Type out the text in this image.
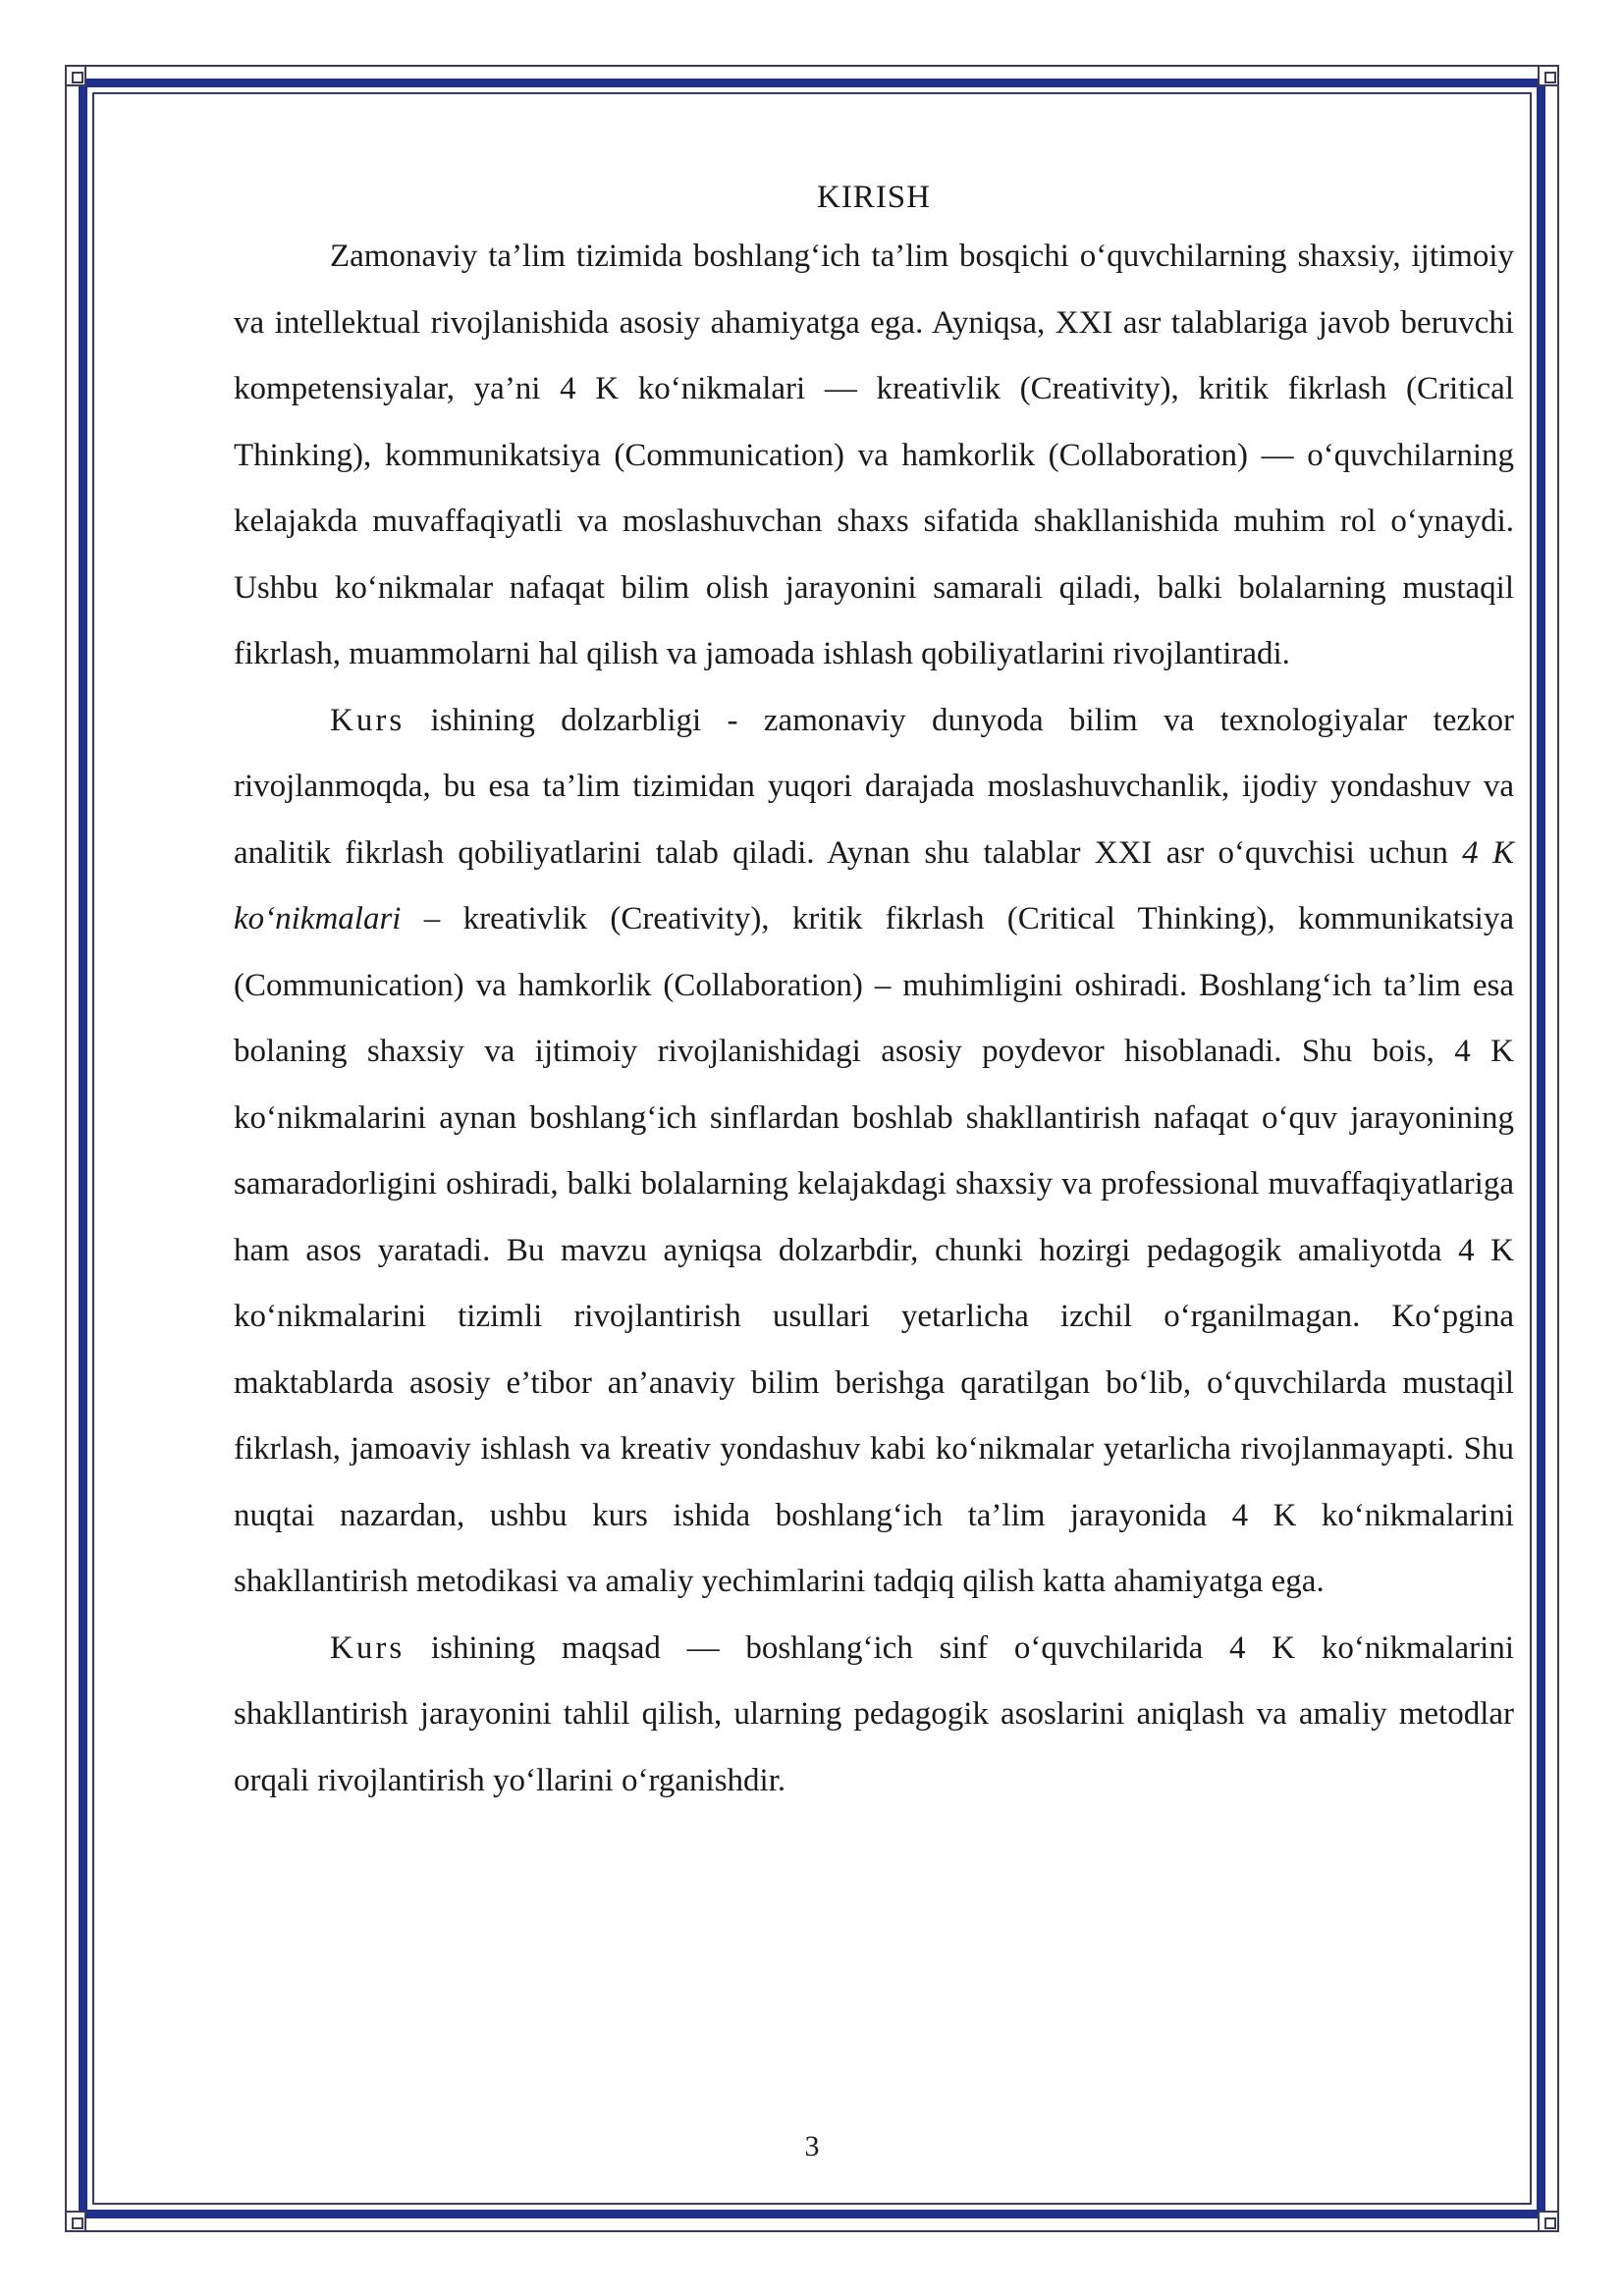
KIRISH

Zamonaviy ta’lim tizimida boshlang‘ich ta’lim bosqichi o‘quvchilarning shaxsiy, ijtimoiy va intellektual rivojlanishida asosiy ahamiyatga ega. Ayniqsa, XXI asr talablariga javob beruvchi kompetensiyalar, ya’ni 4 K ko‘nikmalari — kreativlik (Creativity), kritik fikrlash (Critical Thinking), kommunikatsiya (Communication) va hamkorlik (Collaboration) — o‘quvchilarning kelajakda muvaffaqiyatli va moslashuvchan shaxs sifatida shakllanishida muhim rol o‘ynaydi. Ushbu ko‘nikmalar nafaqat bilim olish jarayonini samarali qiladi, balki bolalarning mustaqil fikrlash, muammolarni hal qilish va jamoada ishlash qobiliyatlarini rivojlantiradi.

Kurs ishining dolzarbligi - zamonaviy dunyoda bilim va texnologiyalar tezkor rivojlanmoqda, bu esa ta’lim tizimidan yuqori darajada moslashuvchanlik, ijodiy yondashuv va analitik fikrlash qobiliyatlarini talab qiladi. Aynan shu talablar XXI asr o‘quvchisi uchun 4 K ko‘nikmalari – kreativlik (Creativity), kritik fikrlash (Critical Thinking), kommunikatsiya (Communication) va hamkorlik (Collaboration) – muhimligini oshiradi. Boshlang‘ich ta’lim esa bolaning shaxsiy va ijtimoiy rivojlanishidagi asosiy poydevor hisoblanadi. Shu bois, 4 K ko‘nikmalarini aynan boshlang‘ich sinflardan boshlab shakllantirish nafaqat o‘quv jarayonining samaradorligini oshiradi, balki bolalarning kelajakdagi shaxsiy va professional muvaffaqiyatlariga ham asos yaratadi. Bu mavzu ayniqsa dolzarbdir, chunki hozirgi pedagogik amaliyotda 4 K ko‘nikmalarini tizimli rivojlantirish usullari yetarlicha izchil o‘rganilmagan. Ko‘pgina maktablarda asosiy e’tibor an’anaviy bilim berishga qaratilgan bo‘lib, o‘quvchilarda mustaqil fikrlash, jamoaviy ishlash va kreativ yondashuv kabi ko‘nikmalar yetarlicha rivojlanmayapti. Shu nuqtai nazardan, ushbu kurs ishida boshlang‘ich ta’lim jarayonida 4 K ko‘nikmalarini shakllantirish metodikasi va amaliy yechimlarini tadqiq qilish katta ahamiyatga ega.

Kurs ishining maqsad — boshlang‘ich sinf o‘quvchilarida 4 K ko‘nikmalarini shakllantirish jarayonini tahlil qilish, ularning pedagogik asoslarini aniqlash va amaliy metodlar orqali rivojlantirish yo‘llarini o‘rganishdir.

3
